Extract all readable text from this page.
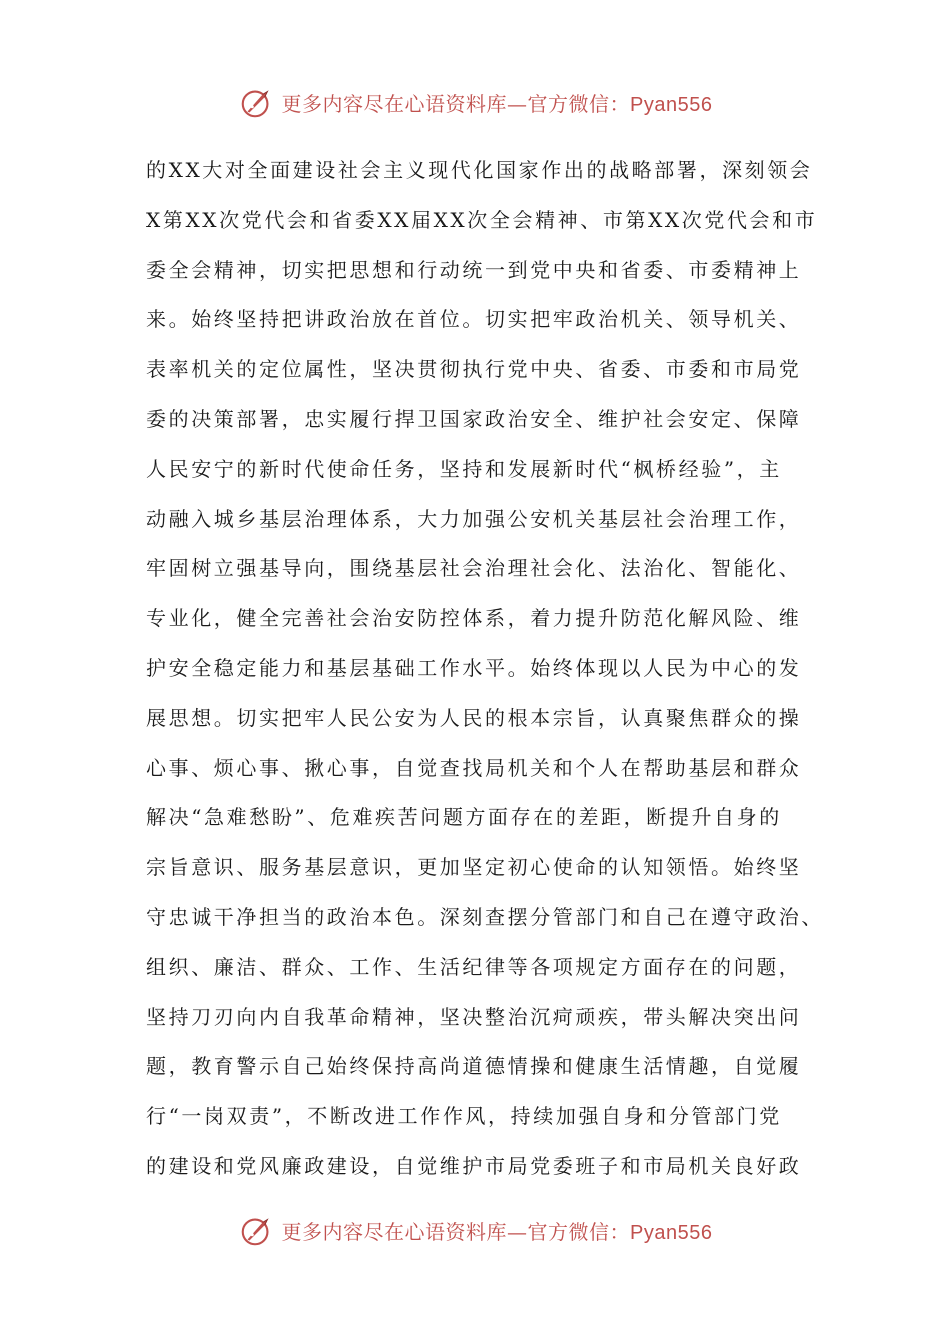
更多内容尽在心语资料库—官方微信：Pyan556
的XX大对全面建设社会主义现代化国家作出的战略部署，深刻领会
X第XX次党代会和省委XX届XX次全会精神、市第XX次党代会和市
委全会精神，切实把思想和行动统一到党中央和省委、市委精神上
来。始终坚持把讲政治放在首位。切实把牢政治机关、领导机关、
表率机关的定位属性，坚决贯彻执行党中央、省委、市委和市局党
委的决策部署，忠实履行捍卫国家政治安全、维护社会安定、保障
人民安宁的新时代使命任务，坚持和发展新时代“枫桥经验”，主
动融入城乡基层治理体系，大力加强公安机关基层社会治理工作，
牢固树立强基导向，围绕基层社会治理社会化、法治化、智能化、
专业化，健全完善社会治安防控体系，着力提升防范化解风险、维
护安全稳定能力和基层基础工作水平。始终体现以人民为中心的发
展思想。切实把牢人民公安为人民的根本宗旨，认真聚焦群众的操
心事、烦心事、揪心事，自觉查找局机关和个人在帮助基层和群众
解决“急难愁盼”、危难疾苦问题方面存在的差距，断提升自身的
宗旨意识、服务基层意识，更加坚定初心使命的认知领悟。始终坚
守忠诚干净担当的政治本色。深刻查摆分管部门和自己在遵守政治、
组织、廉洁、群众、工作、生活纪律等各项规定方面存在的问题，
坚持刀刃向内自我革命精神，坚决整治沉疴顽疾，带头解决突出问
题，教育警示自己始终保持高尚道德情操和健康生活情趣，自觉履
行“一岗双责”，不断改进工作作风，持续加强自身和分管部门党
的建设和党风廉政建设，自觉维护市局党委班子和市局机关良好政
更多内容尽在心语资料库—官方微信：Pyan556
